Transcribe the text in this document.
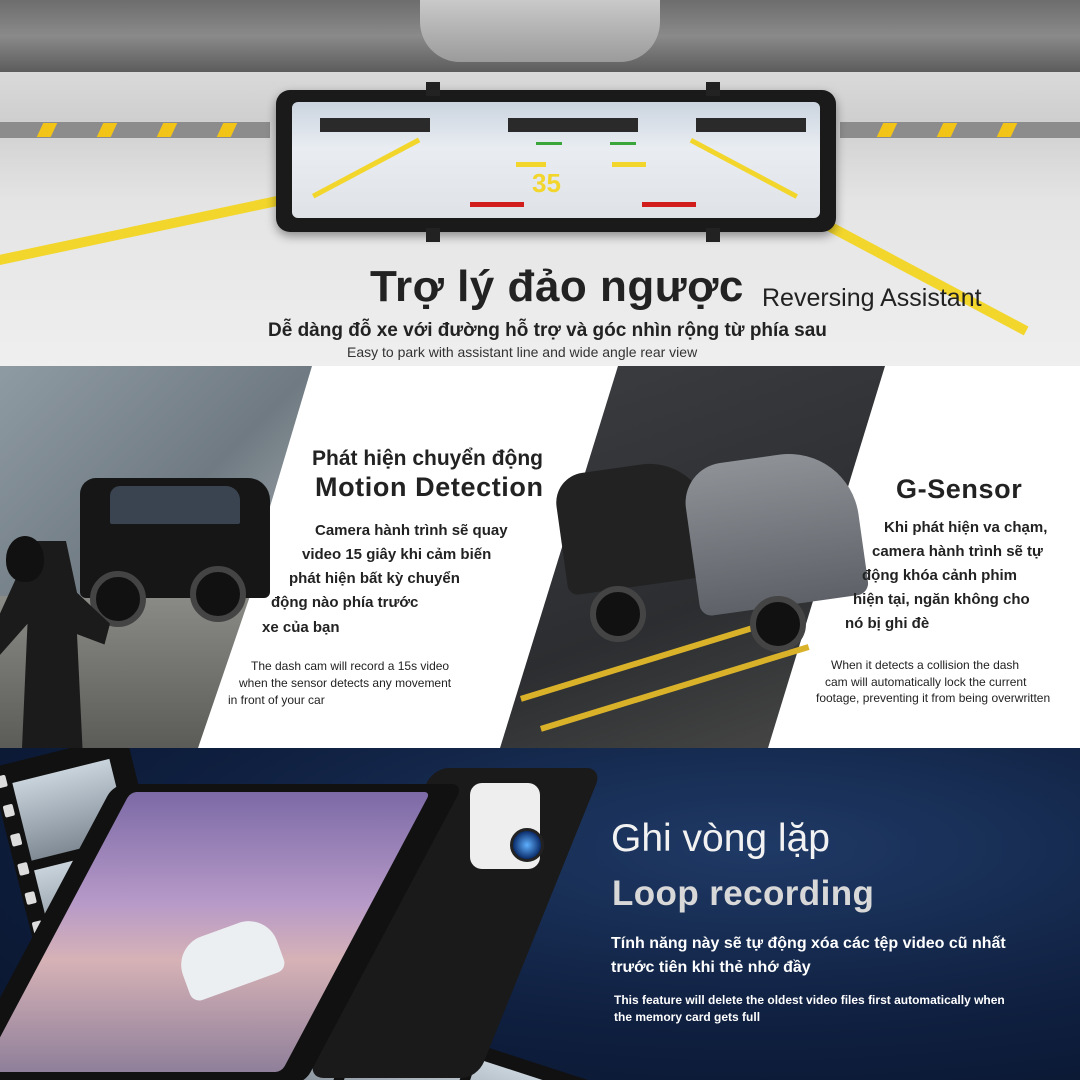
35
Trợ lý đảo ngược Reversing Assistant
Dễ dàng đỗ xe với đường hỗ trợ và góc nhìn rộng từ phía sau
Easy to park with assistant line and wide angle rear view
Phát hiện chuyển động
Motion Detection
Camera hành trình sẽ quay
video 15 giây khi cảm biến
phát hiện bất kỳ chuyển
động nào phía trước
xe của bạn
The dash cam will record a 15s video
when the sensor detects any movement
in front of your car
G-Sensor
Khi phát hiện va chạm,
camera hành trình sẽ tự
động khóa cảnh phim
hiện tại, ngăn không cho
nó bị ghi đè
When it detects a collision the dash
cam will automatically lock the current
footage, preventing it from being overwritten
Ghi vòng lặp
Loop recording
Tính năng này sẽ tự động xóa các tệp video cũ nhất
trước tiên khi thẻ nhớ đầy
This feature will delete the oldest video files first automatically when
the memory card gets full
